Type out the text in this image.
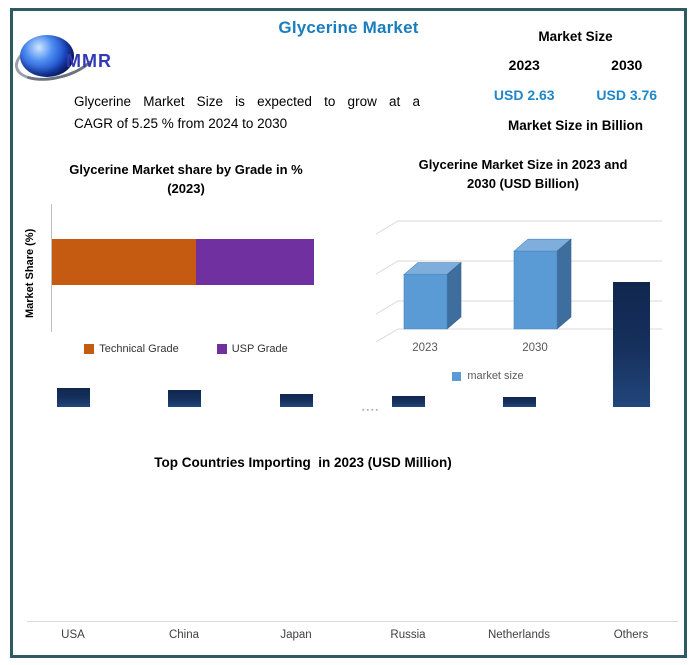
Glycerine Market
MMR
Glycerine Market Size is expected to grow at a
CAGR of 5.25 % from 2024 to 2030
Market Size
2023	2030
USD 2.63	USD 3.76
Market Size in Billion
Glycerine Market share by Grade in %
(2023)
Market Share (%)
Technical Grade	USP Grade
Glycerine Market Size in 2023 and
2030 (USD Billion)
2023	2030
market size
▪▪▪▪
Top Countries Importing  in 2023 (USD Million)
USA	China	Japan	Russia	Netherlands	Others
